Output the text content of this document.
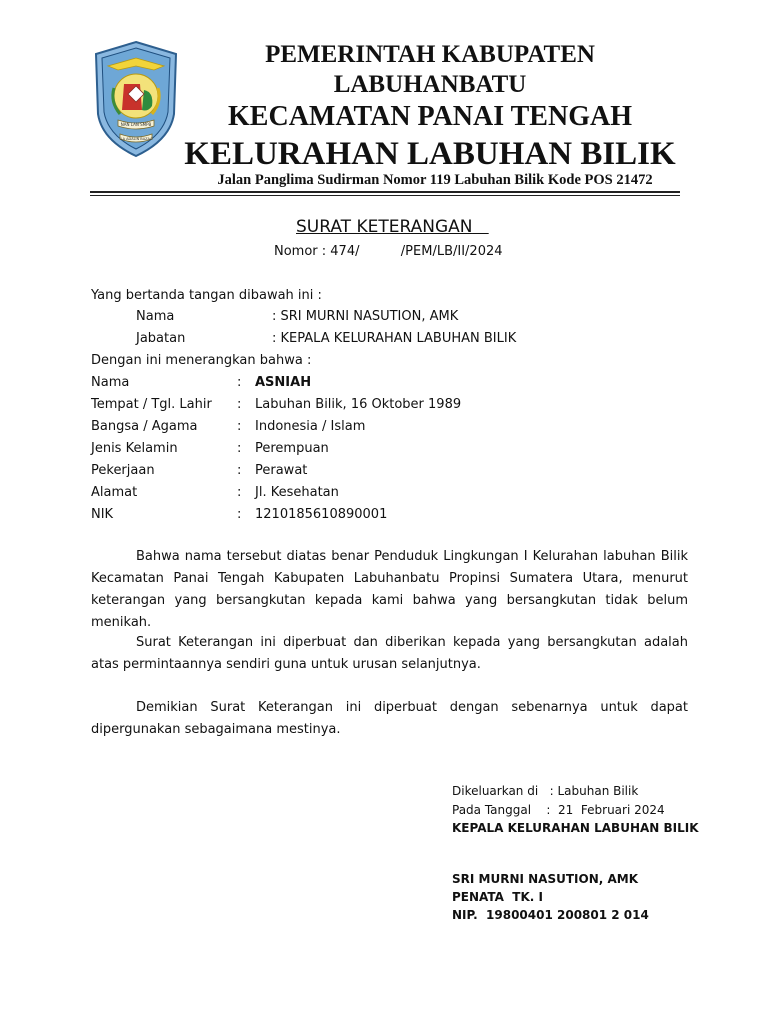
NAN LAN SMPB
ILA ADALIN BAZAA
PEMERINTAH KABUPATEN
LABUHANBATU
KECAMATAN PANAI TENGAH
KELURAHAN LABUHAN BILIK
Jalan Panglima Sudirman Nomor 119 Labuhan Bilik Kode POS 21472
SURAT KETERANGAN
Nomor : 474/          /PEM/LB/II/2024
Yang bertanda tangan dibawah ini :
Nama	: SRI MURNI NASUTION, AMK
Jabatan	: KEPALA KELURAHAN LABUHAN BILIK
Dengan ini menerangkan bahwa :
Nama	: ASNIAH
Tempat / Tgl. Lahir : Labuhan Bilik, 16 Oktober 1989
Bangsa / Agama	: Indonesia / Islam
Jenis Kelamin	: Perempuan
Pekerjaan	: Perawat
Alamat	: Jl. Kesehatan
NIK	: 1210185610890001
Bahwa nama tersebut diatas benar Penduduk Lingkungan I Kelurahan labuhan Bilik Kecamatan Panai Tengah Kabupaten Labuhanbatu Propinsi Sumatera Utara, menurut keterangan yang bersangkutan kepada kami bahwa yang bersangkutan tidak belum menikah.
Surat Keterangan ini diperbuat dan diberikan kepada yang bersangkutan adalah atas permintaannya sendiri guna untuk urusan selanjutnya.
Demikian Surat Keterangan ini diperbuat dengan sebenarnya untuk dapat dipergunakan sebagaimana mestinya.
Dikeluarkan di   : Labuhan Bilik
Pada Tanggal    :  21  Februari 2024
KEPALA KELURAHAN LABUHAN BILIK
SRI MURNI NASUTION, AMK
PENATA  TK. I
NIP.  19800401 200801 2 014
